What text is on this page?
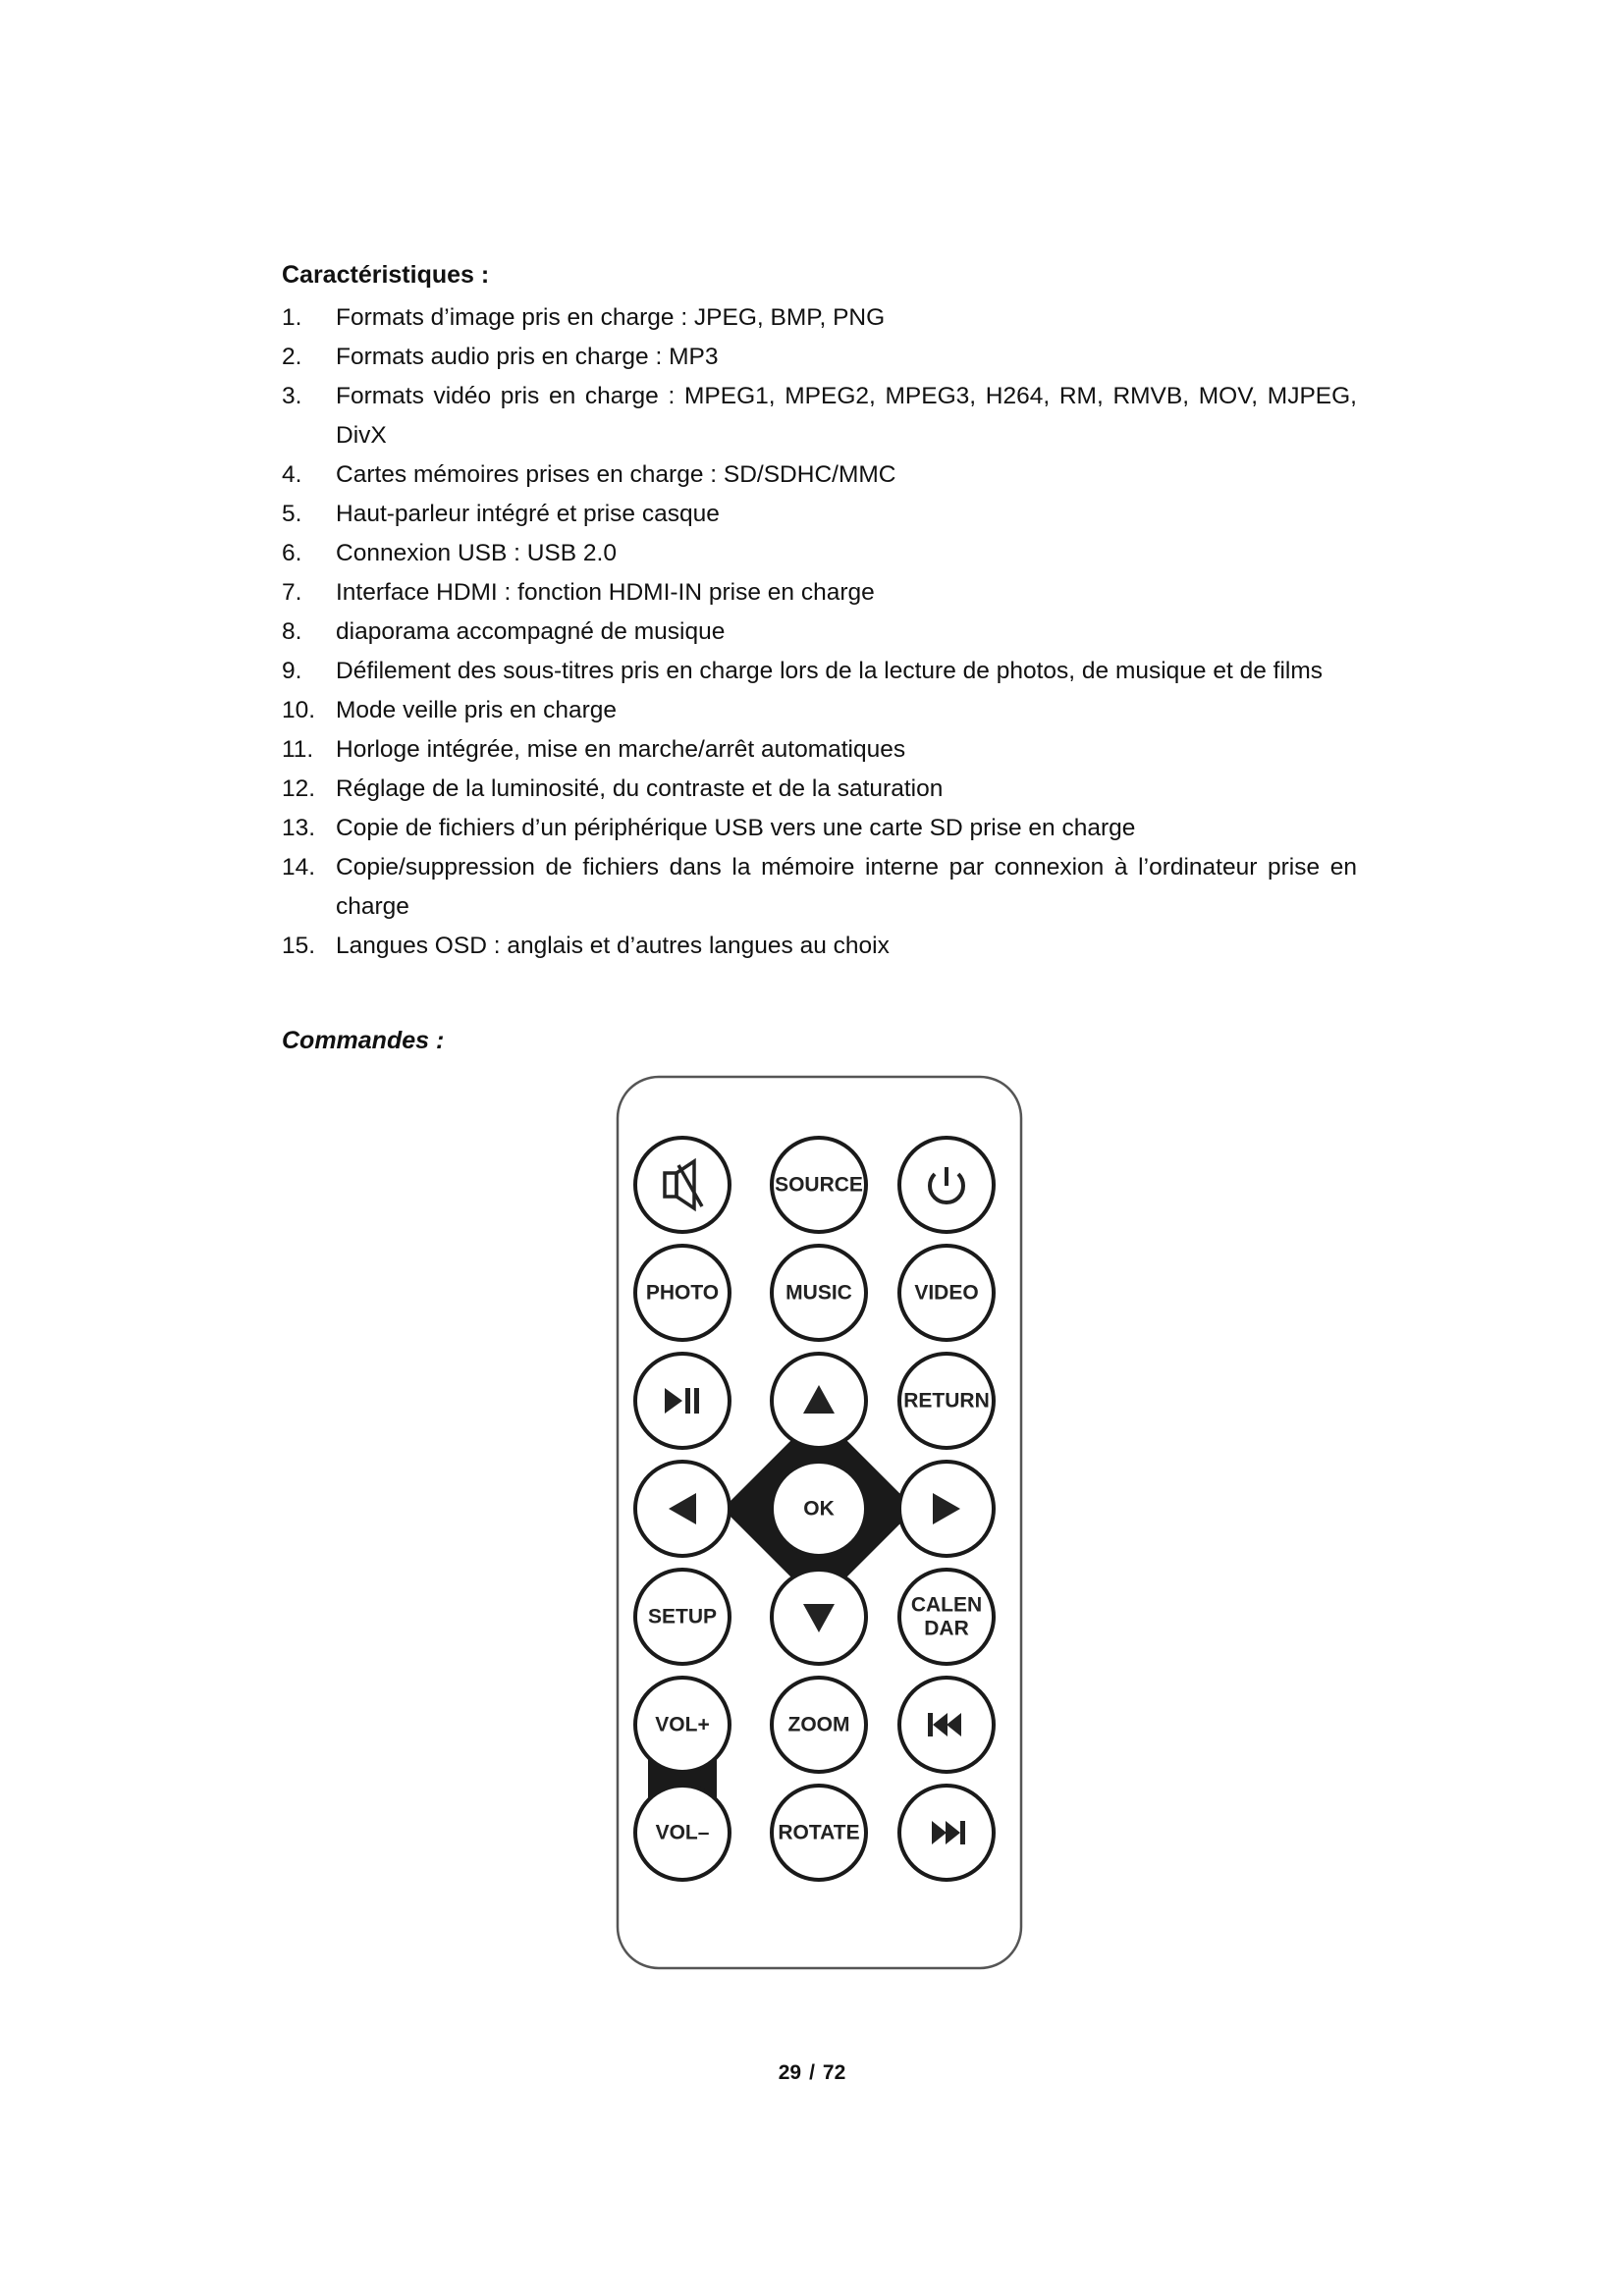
Caractéristiques :
1. Formats d’image pris en charge : JPEG, BMP, PNG
2. Formats audio pris en charge : MP3
3. Formats vidéo pris en charge : MPEG1, MPEG2, MPEG3, H264, RM, RMVB, MOV, MJPEG, DivX
4. Cartes mémoires prises en charge : SD/SDHC/MMC
5. Haut-parleur intégré et prise casque
6. Connexion USB : USB 2.0
7. Interface HDMI : fonction HDMI-IN prise en charge
8. diaporama accompagné de musique
9. Défilement des sous-titres pris en charge lors de la lecture de photos, de musique et de films
10. Mode veille pris en charge
11. Horloge intégrée, mise en marche/arrêt automatiques
12. Réglage de la luminosité, du contraste et de la saturation
13. Copie de fichiers d’un périphérique USB vers une carte SD prise en charge
14. Copie/suppression de fichiers dans la mémoire interne par connexion à l’ordinateur prise en charge
15. Langues OSD : anglais et d’autres langues au choix
Commandes :
SOURCE
PHOTO	MUSIC	VIDEO
RETURN
OK
SETUP
CALEN
DAR
VOL+	ZOOM
VOL–	ROTATE
29 / 72
